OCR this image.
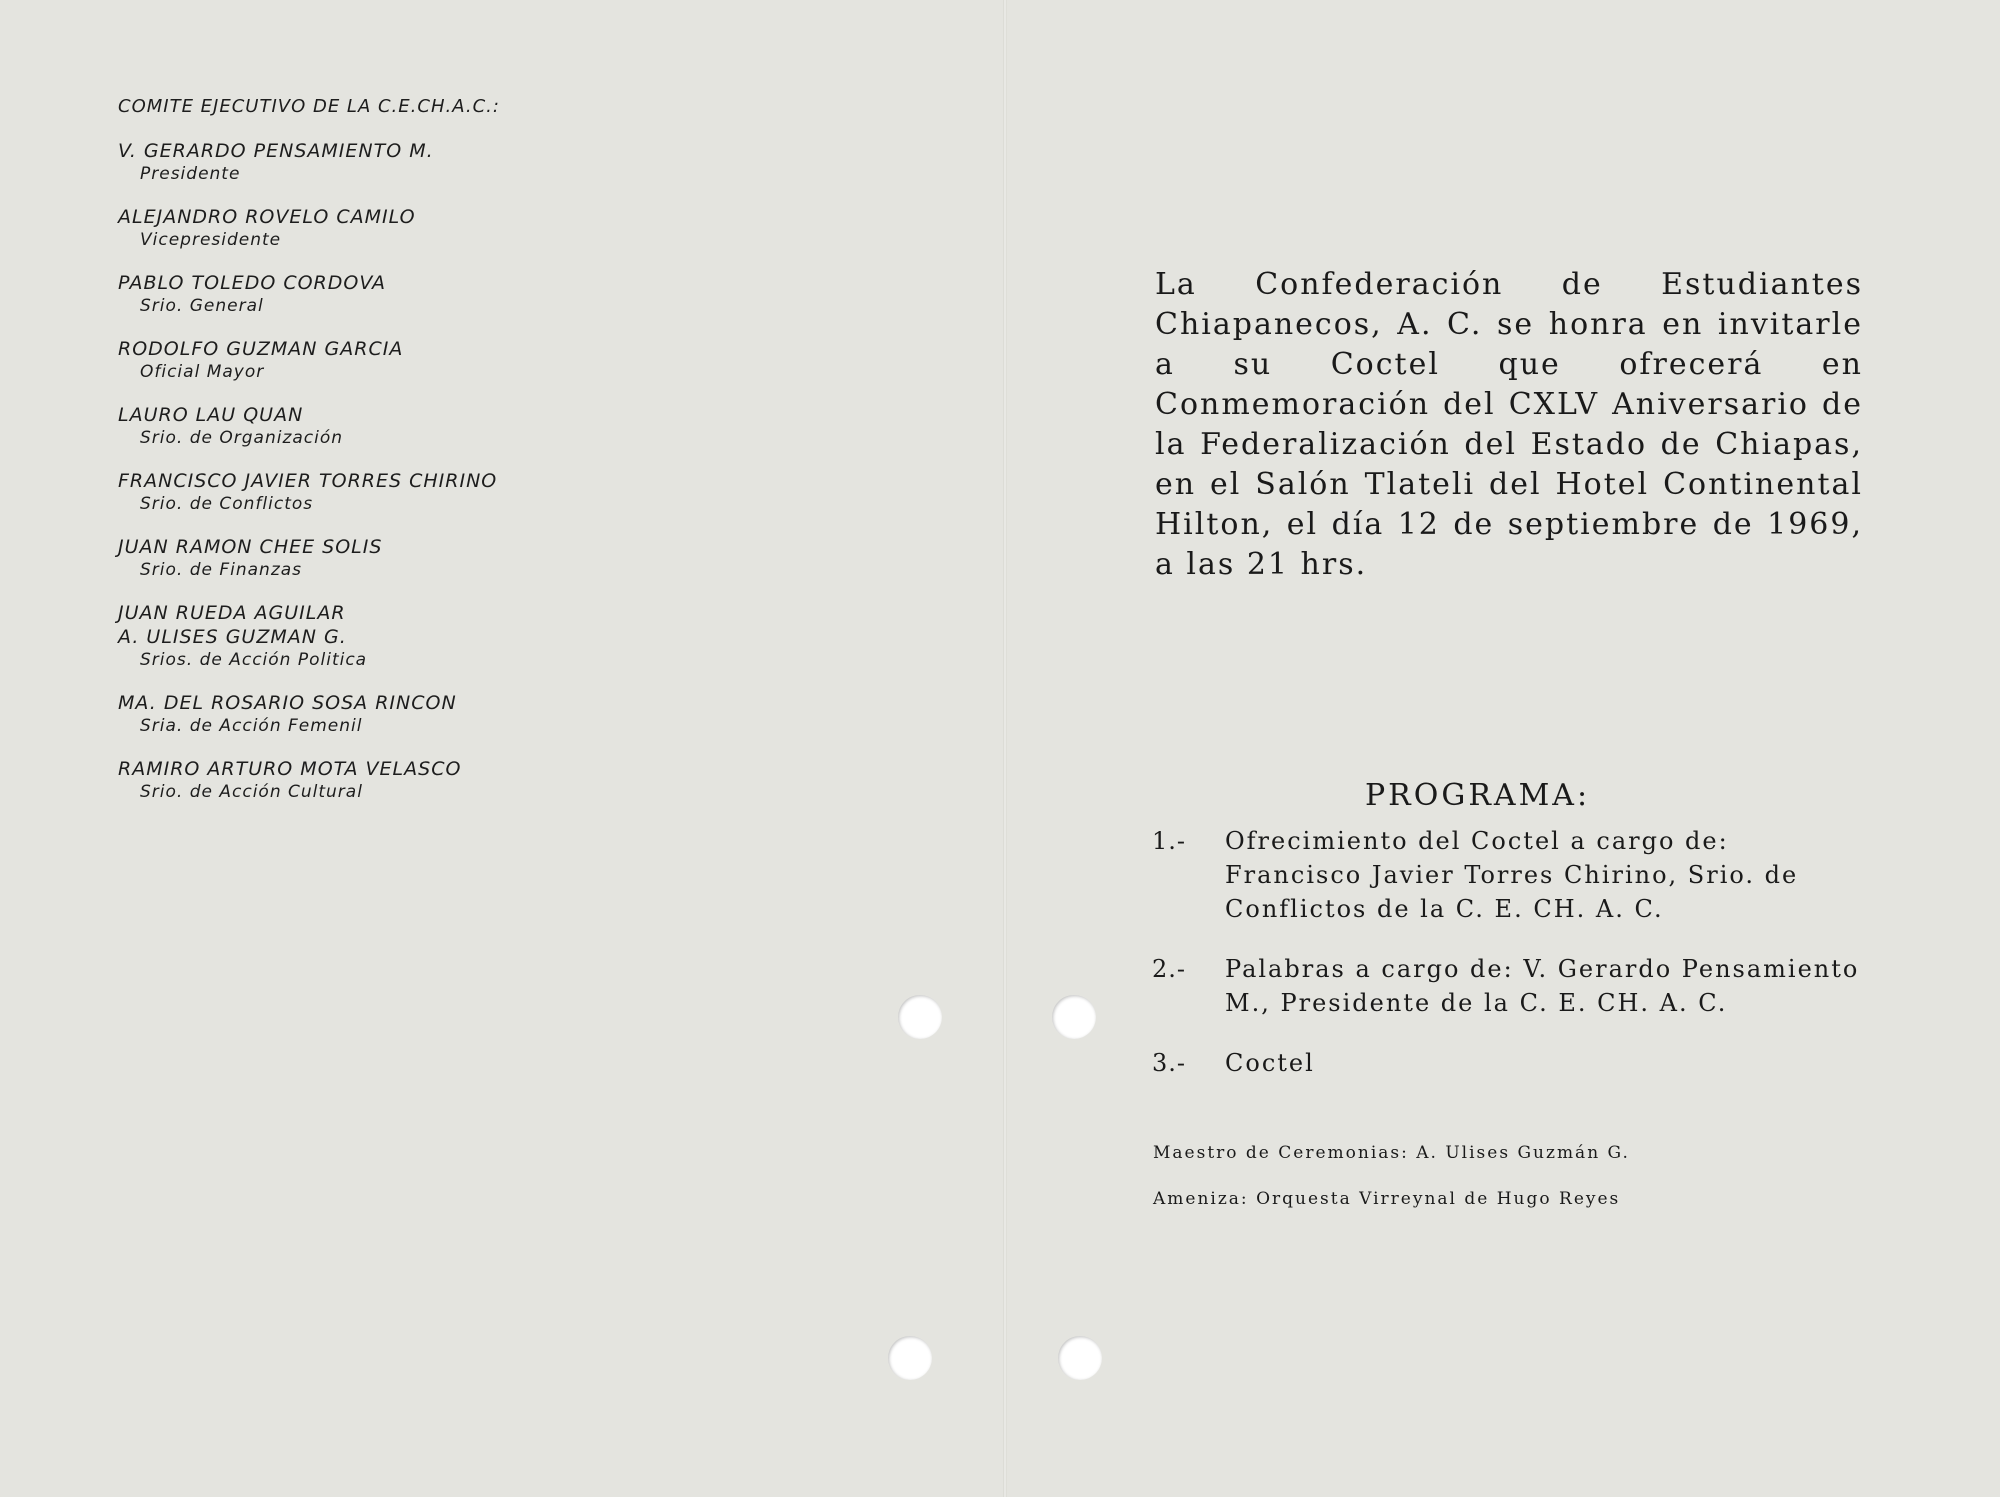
COMITE EJECUTIVO DE LA C.E.CH.A.C.:
V. GERARDO PENSAMIENTO M.
Presidente
ALEJANDRO ROVELO CAMILO
Vicepresidente
PABLO TOLEDO CORDOVA
Srio. General
RODOLFO GUZMAN GARCIA
Oficial Mayor
LAURO LAU QUAN
Srio. de Organización
FRANCISCO JAVIER TORRES CHIRINO
Srio. de Conflictos
JUAN RAMON CHEE SOLIS
Srio. de Finanzas
JUAN RUEDA AGUILAR
A. ULISES GUZMAN G.
Srios. de Acción Politica
MA. DEL ROSARIO SOSA RINCON
Sria. de Acción Femenil
RAMIRO ARTURO MOTA VELASCO
Srio. de Acción Cultural
La Confederación de Estudiantes Chiapanecos, A. C. se honra en invitarle a su Coctel que ofrecerá en Conmemoración del CXLV Aniversario de la Federalización del Estado de Chiapas, en el Salón Tlateli del Hotel Continental Hilton, el día 12 de septiembre de 1969, a las 21 hrs.
PROGRAMA:
1.-	Ofrecimiento del Coctel a cargo de: Francisco Javier Torres Chirino, Srio. de Conflictos de la C. E. CH. A. C.
2.-	Palabras a cargo de: V. Gerardo Pensamiento M., Presidente de la C. E. CH. A. C.
3.-	Coctel
Maestro de Ceremonias: A. Ulises Guzmán G.
Ameniza: Orquesta Virreynal de Hugo Reyes
